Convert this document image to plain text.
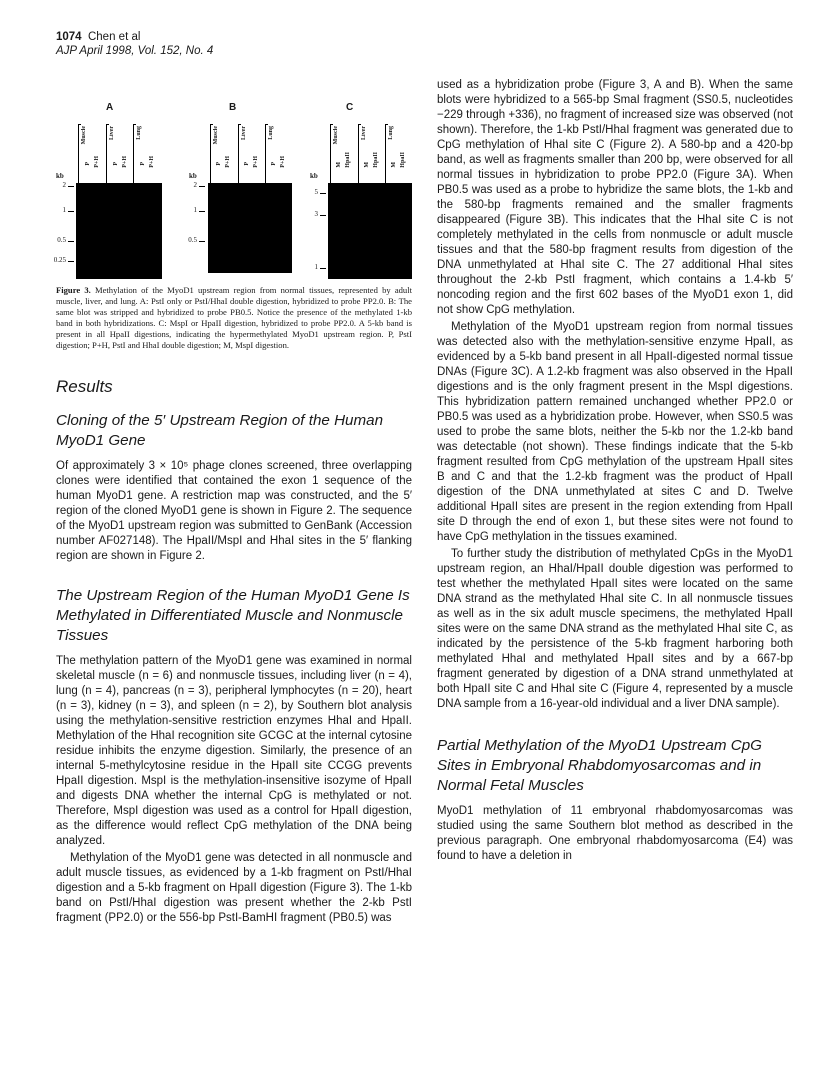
1074 Chen et al
AJP April 1998, Vol. 152, No. 4
A
kb
2
1
0.5
0.25
Muscle	Liver	Lung
P P+H P P+H P P+H
B
kb
2
1
0.5
Muscle	Liver	Lung
P P+H P P+H P P+H
C
kb
5
3
1
Muscle	Liver	Lung
M HpaII M HpaII M HpaII
Figure 3. Methylation of the MyoD1 upstream region from normal tissues, represented by adult muscle, liver, and lung. A: PstI only or PstI/HhaI double digestion, hybridized to probe PP2.0. B: The same blot was stripped and hybridized to probe PB0.5. Notice the presence of the methylated 1-kb band in both hybridizations. C: MspI or HpaII digestion, hybridized to probe PP2.0. A 5-kb band is present in all HpaII digestions, indicating the hypermethylated MyoD1 upstream region. P, PstI digestion; P+H, PstI and HhaI double digestion; M, MspI digestion.
Results
Cloning of the 5′ Upstream Region of the Human MyoD1 Gene

Of approximately 3 × 10⁵ phage clones screened, three overlapping clones were identified that contained the exon 1 sequence of the human MyoD1 gene. A restriction map was constructed, and the 5′ region of the cloned MyoD1 gene is shown in Figure 2. The sequence of the MyoD1 upstream region was submitted to GenBank (Accession number AF027148). The HpaII/MspI and HhaI sites in the 5′ flanking region are shown in Figure 2.

The Upstream Region of the Human MyoD1 Gene Is Methylated in Differentiated Muscle and Nonmuscle Tissues

The methylation pattern of the MyoD1 gene was examined in normal skeletal muscle (n = 6) and nonmuscle tissues, including liver (n = 4), lung (n = 4), pancreas (n = 3), peripheral lymphocytes (n = 20), heart (n = 3), kidney (n = 3), and spleen (n = 2), by Southern blot analysis using the methylation-sensitive restriction enzymes HhaI and HpaII. Methylation of the HhaI recognition site GCGC at the internal cytosine residue inhibits the enzyme digestion. Similarly, the presence of an internal 5-methylcytosine residue in the HpaII site CCGG prevents HpaII digestion. MspI is the methylation-insensitive isozyme of HpaII and digests DNA whether the internal CpG is methylated or not. Therefore, MspI digestion was used as a control for HpaII digestion, as the difference would reflect CpG methylation of the DNA being analyzed.

Methylation of the MyoD1 gene was detected in all nonmuscle and adult muscle tissues, as evidenced by a 1-kb fragment on PstI/HhaI digestion and a 5-kb fragment on HpaII digestion (Figure 3). The 1-kb band on PstI/HhaI digestion was present whether the 2-kb PstI fragment (PP2.0) or the 556-bp PstI-BamHI fragment (PB0.5) was

used as a hybridization probe (Figure 3, A and B). When the same blots were hybridized to a 565-bp SmaI fragment (SS0.5, nucleotides −229 through +336), no fragment of increased size was observed (not shown). Therefore, the 1-kb PstI/HhaI fragment was generated due to CpG methylation of HhaI site C (Figure 2). A 580-bp and a 420-bp band, as well as fragments smaller than 200 bp, were observed for all normal tissues in hybridization to probe PP2.0 (Figure 3A). When PB0.5 was used as a probe to hybridize the same blots, the 1-kb and the 580-bp fragments remained and the smaller fragments disappeared (Figure 3B). This indicates that the HhaI site C is not completely methylated in the cells from nonmuscle or adult muscle tissues and that the 580-bp fragment results from digestion of the DNA unmethylated at HhaI site C. The 27 additional HhaI sites throughout the 2-kb PstI fragment, which contains a 1.4-kb 5′ noncoding region and the first 602 bases of the MyoD1 exon 1, did not show CpG methylation.

Methylation of the MyoD1 upstream region from normal tissues was detected also with the methylation-sensitive enzyme HpaII, as evidenced by a 5-kb band present in all HpaII-digested normal tissue DNAs (Figure 3C). A 1.2-kb fragment was also observed in the HpaII digestions and is the only fragment present in the MspI digestions. This hybridization pattern remained unchanged whether PP2.0 or PB0.5 was used as a hybridization probe. However, when SS0.5 was used to probe the same blots, neither the 5-kb nor the 1.2-kb band was detectable (not shown). These findings indicate that the 5-kb fragment resulted from CpG methylation of the upstream HpaII sites B and C and that the 1.2-kb fragment was the product of HpaII digestion of the DNA unmethylated at sites C and D. Twelve additional HpaII sites are present in the region extending from HpaII site D through the end of exon 1, but these sites were not found to have CpG methylation in the tissues examined.

To further study the distribution of methylated CpGs in the MyoD1 upstream region, an HhaI/HpaII double digestion was performed to test whether the methylated HpaII sites were located on the same DNA strand as the methylated HhaI site C. In all nonmuscle tissues as well as in the six adult muscle specimens, the methylated HpaII sites were on the same DNA strand as the methylated HhaI site C, as indicated by the persistence of the 5-kb fragment harboring both methylated HhaI and methylated HpaII sites and by a 667-bp fragment generated by digestion of a DNA strand unmethylated at both HpaII site C and HhaI site C (Figure 4, represented by a muscle DNA sample from a 16-year-old individual and a liver DNA sample).

Partial Methylation of the MyoD1 Upstream CpG Sites in Embryonal Rhabdomyosarcomas and in Normal Fetal Muscles

MyoD1 methylation of 11 embryonal rhabdomyosarcomas was studied using the same Southern blot method as described in the previous paragraph. One embryonal rhabdomyosarcoma (E4) was found to have a deletion in
